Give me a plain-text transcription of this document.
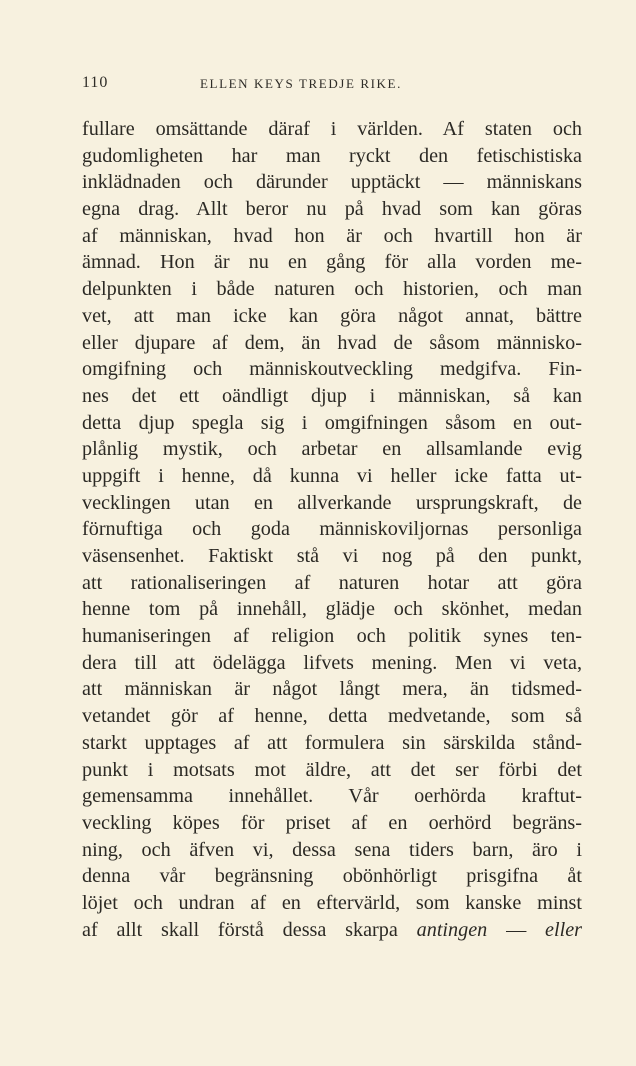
110	ELLEN KEYS TREDJE RIKE.
fullare omsättande däraf i världen. Af staten och
gudomligheten har man ryckt den fetischistiska
inklädnaden och därunder upptäckt — människans
egna drag. Allt beror nu på hvad som kan göras
af människan, hvad hon är och hvartill hon är
ämnad. Hon är nu en gång för alla vorden me-
delpunkten i både naturen och historien, och man
vet, att man icke kan göra något annat, bättre
eller djupare af dem, än hvad de såsom människo-
omgifning och människoutveckling medgifva. Fin-
nes det ett oändligt djup i människan, så kan
detta djup spegla sig i omgifningen såsom en out-
plånlig mystik, och arbetar en allsamlande evig
uppgift i henne, då kunna vi heller icke fatta ut-
vecklingen utan en allverkande ursprungskraft, de
förnuftiga och goda människoviljornas personliga
väsensenhet. Faktiskt stå vi nog på den punkt,
att rationaliseringen af naturen hotar att göra
henne tom på innehåll, glädje och skönhet, medan
humaniseringen af religion och politik synes ten-
dera till att ödelägga lifvets mening. Men vi veta,
att människan är något långt mera, än tidsmed-
vetandet gör af henne, detta medvetande, som så
starkt upptages af att formulera sin särskilda stånd-
punkt i motsats mot äldre, att det ser förbi det
gemensamma innehållet. Vår oerhörda kraftut-
veckling köpes för priset af en oerhörd begräns-
ning, och äfven vi, dessa sena tiders barn, äro i
denna vår begränsning obönhörligt prisgifna åt
löjet och undran af en eftervärld, som kanske minst
af allt skall förstå dessa skarpa antingen — eller
